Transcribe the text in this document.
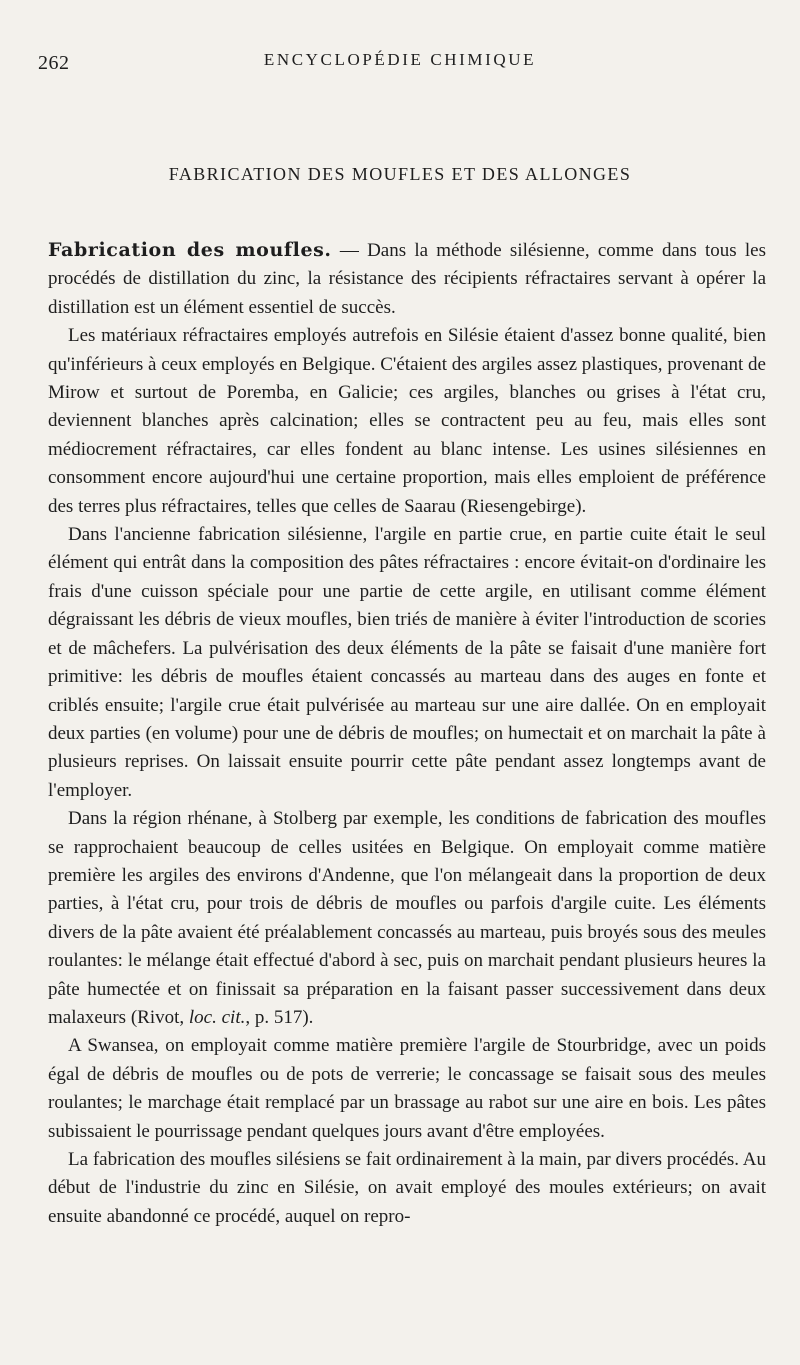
262	ENCYCLOPÉDIE CHIMIQUE
FABRICATION DES MOUFLES ET DES ALLONGES

Fabrication des moufles. — Dans la méthode silésienne, comme dans tous les procédés de distillation du zinc, la résistance des récipients réfractaires servant à opérer la distillation est un élément essentiel de succès.

Les matériaux réfractaires employés autrefois en Silésie étaient d'assez bonne qualité, bien qu'inférieurs à ceux employés en Belgique. C'étaient des argiles assez plastiques, provenant de Mirow et surtout de Poremba, en Galicie; ces argiles, blanches ou grises à l'état cru, deviennent blanches après calcination; elles se contractent peu au feu, mais elles sont médiocrement réfractaires, car elles fondent au blanc intense. Les usines silésiennes en consomment encore aujourd'hui une certaine proportion, mais elles emploient de préférence des terres plus réfractaires, telles que celles de Saarau (Riesengebirge).

Dans l'ancienne fabrication silésienne, l'argile en partie crue, en partie cuite était le seul élément qui entrât dans la composition des pâtes réfractaires : encore évitait-on d'ordinaire les frais d'une cuisson spéciale pour une partie de cette argile, en utilisant comme élément dégraissant les débris de vieux moufles, bien triés de manière à éviter l'introduction de scories et de mâchefers. La pulvérisation des deux éléments de la pâte se faisait d'une manière fort primitive: les débris de moufles étaient concassés au marteau dans des auges en fonte et criblés ensuite; l'argile crue était pulvérisée au marteau sur une aire dallée. On en employait deux parties (en volume) pour une de débris de moufles; on humectait et on marchait la pâte à plusieurs reprises. On laissait ensuite pourrir cette pâte pendant assez longtemps avant de l'employer.

Dans la région rhénane, à Stolberg par exemple, les conditions de fabrication des moufles se rapprochaient beaucoup de celles usitées en Belgique. On employait comme matière première les argiles des environs d'Andenne, que l'on mélangeait dans la proportion de deux parties, à l'état cru, pour trois de débris de moufles ou parfois d'argile cuite. Les éléments divers de la pâte avaient été préalablement concassés au marteau, puis broyés sous des meules roulantes: le mélange était effectué d'abord à sec, puis on marchait pendant plusieurs heures la pâte humectée et on finissait sa préparation en la faisant passer successivement dans deux malaxeurs (Rivot, loc. cit., p. 517).

A Swansea, on employait comme matière première l'argile de Stourbridge, avec un poids égal de débris de moufles ou de pots de verrerie; le concassage se faisait sous des meules roulantes; le marchage était remplacé par un brassage au rabot sur une aire en bois. Les pâtes subissaient le pourrissage pendant quelques jours avant d'être employées.

La fabrication des moufles silésiens se fait ordinairement à la main, par divers procédés. Au début de l'industrie du zinc en Silésie, on avait employé des moules extérieurs; on avait ensuite abandonné ce procédé, auquel on repro-
